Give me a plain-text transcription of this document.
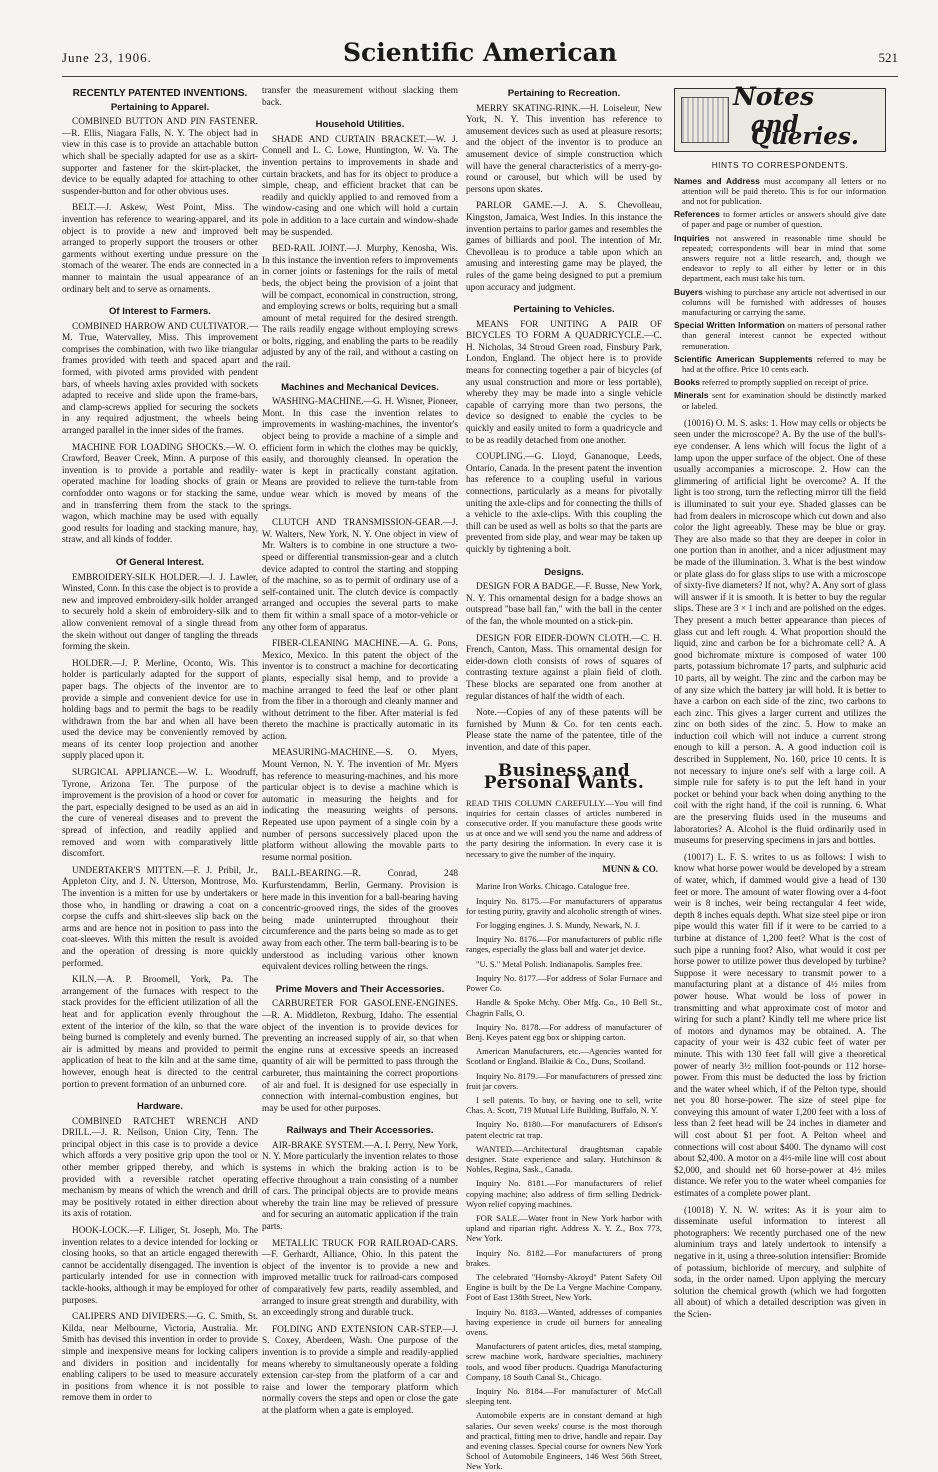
June 23, 1906.	Scientific American	521
RECENTLY PATENTED INVENTIONS.
Pertaining to Apparel.

COMBINED BUTTON AND PIN FASTENER.—R. Ellis, Niagara Falls, N. Y. The object had in view in this case is to provide an attachable button which shall be specially adapted for use as a skirt-supporter and fastener for the skirt-placket, the device to be equally adapted for attaching to other suspender-button and for other obvious uses.

BELT.—J. Askew, West Point, Miss. The invention has reference to wearing-apparel, and its object is to provide a new and improved belt arranged to properly support the trousers or other garments without exerting undue pressure on the stomach of the wearer. The ends are connected in a manner to maintain the usual appearance of an ordinary belt and to serve as ornaments.

Of Interest to Farmers.

COMBINED HARROW AND CULTIVATOR.—M. True, Watervalley, Miss. This improvement comprises the combination, with two like triangular frames provided with teeth and spaced apart and formed, with pivoted arms provided with pendent bars, of wheels having axles provided with sockets adapted to receive and slide upon the frame-bars, and clamp-screws applied for securing the sockets in any required adjustment, the wheels being arranged parallel in the inner sides of the frames.

MACHINE FOR LOADING SHOCKS.—W. O. Crawford, Beaver Creek, Minn. A purpose of this invention is to provide a portable and readily-operated machine for loading shocks of grain or cornfodder onto wagons or for stacking the same, and in transferring them from the stack to the wagon, which machine may be used with equally good results for loading and stacking manure, hay, straw, and all kinds of fodder.

Of General Interest.

EMBROIDERY-SILK HOLDER.—J. J. Lawler, Winsted, Conn. In this case the object is to provide a new and improved embroidery-silk holder arranged to securely hold a skein of embroidery-silk and to allow convenient removal of a single thread from the skein without out danger of tangling the threads forming the skein.

HOLDER.—J. P. Merline, Oconto, Wis. This holder is particularly adapted for the support of paper bags. The objects of the inventor are to provide a simple and convenient device for use in holding bags and to permit the bags to be readily withdrawn from the bar and when all have been used the device may be conveniently removed by means of its center loop projection and another supply placed upon it.

SURGICAL APPLIANCE.—W. L. Woodruff, Tyrone, Arizona Ter. The purpose of the improvement is the provision of a hood or cover for the part, especially designed to be used as an aid in the cure of venereal diseases and to prevent the spread of infection, and readily applied and removed and worn with comparatively little discomfort.

UNDERTAKER'S MITTEN.—F. J. Pribil, Jr., Appleton City, and J. N. Utterson, Montrose, Mo. The invention is a mitten for use by undertakers or those who, in handling or drawing a coat on a corpse the cuffs and shirt-sleeves slip back on the arms and are hence not in position to pass into the coat-sleeves. With this mitten the result is avoided and the operation of dressing is more quickly performed.

KILN.—A. P. Broomell, York, Pa. The arrangement of the furnaces with respect to the stack provides for the efficient utilization of all the heat and for application evenly throughout the extent of the interior of the kiln, so that the ware being burned is completely and evenly burned. The air is admitted by means and provided to permit application of heat to the kiln and at the same time, however, enough heat is directed to the central portion to prevent formation of an unburned core.

Hardware.

COMBINED RATCHET WRENCH AND DRILL.—J. R. Neilson, Union City, Tenn. The principal object in this case is to provide a device which affords a very positive grip upon the tool or other member gripped thereby, and which is provided with a reversible ratchet operating mechanism by means of which the wrench and drill may be positively rotated in either direction about its axis of rotation.

HOOK-LOCK.—F. Liliger, St. Joseph, Mo. The invention relates to a device intended for locking or closing hooks, so that an article engaged therewith cannot be accidentally disengaged. The invention is particularly intended for use in connection with tackle-hooks, although it may be employed for other purposes.

CALIPERS AND DIVIDERS.—G. C. Smith, St. Kilda, near Melbourne, Victoria, Australia. Mr. Smith has devised this invention in order to provide simple and inexpensive means for locking calipers and dividers in position and incidentally for enabling calipers to be used to measure accurately in positions from whence it is not possible to remove them in order to

transfer the measurement without slacking them back.

Household Utilities.

SHADE AND CURTAIN BRACKET.—W. J. Connell and L. C. Lowe, Huntington, W. Va. The invention pertains to improvements in shade and curtain brackets, and has for its object to produce a simple, cheap, and efficient bracket that can be readily and quickly applied to and removed from a window-casing and one which will hold a curtain pole in addition to a lace curtain and window-shade may be suspended.

BED-RAIL JOINT.—J. Murphy, Kenosha, Wis. In this instance the invention refers to improvements in corner joints or fastenings for the rails of metal beds, the object being the provision of a joint that will be compact, economical in construction, strong, and employing screws or bolts, requiring but a small amount of metal required for the desired strength. The rails readily engage without employing screws or bolts, rigging, and enabling the parts to be readily adjusted by any of the rail, and without a casting on the rail.

Machines and Mechanical Devices.

WASHING-MACHINE.—G. H. Wisner, Pioneer, Mont. In this case the invention relates to improvements in washing-machines, the inventor's object being to provide a machine of a simple and efficient form in which the clothes may be quickly, easily, and thoroughly cleansed. In operation the water is kept in practically constant agitation. Means are provided to relieve the turn-table from undue wear which is moved by means of the springs.

CLUTCH AND TRANSMISSION-GEAR.—J. W. Walters, New York, N. Y. One object in view of Mr. Walters is to combine in one structure a two-speed or differential transmission-gear and a clutch device adapted to control the starting and stopping of the machine, so as to permit of ordinary use of a self-contained unit. The clutch device is compactly arranged and occupies the several parts to make them fit within a small space of a motor-vehicle or any other form of apparatus.

FIBER-CLEANING MACHINE.—A. G. Pons, Mexico, Mexico. In this patent the object of the inventor is to construct a machine for decorticating plants, especially sisal hemp, and to provide a machine arranged to feed the leaf or other plant from the fiber in a thorough and cleanly manner and without detriment to the fiber. After material is fed thereto the machine is practically automatic in its action.

MEASURING-MACHINE.—S. O. Myers, Mount Vernon, N. Y. The invention of Mr. Myers has reference to measuring-machines, and his more particular object is to devise a machine which is automatic in measuring the heights and for indicating the measuring weights of persons. Repeated use upon payment of a single coin by a number of persons successively placed upon the platform without allowing the movable parts to resume normal position.

BALL-BEARING.—R. Conrad, 248 Kurfurstendamm, Berlin, Germany. Provision is here made in this invention for a ball-bearing having concentric-grooved rings, the sides of the grooves being made uninterrupted throughout their circumference and the parts being so made as to get away from each other. The term ball-bearing is to be understood as including various other known equivalent devices rolling between the rings.

Prime Movers and Their Accessories.

CARBURETER FOR GASOLENE-ENGINES.—R. A. Middleton, Rexburg, Idaho. The essential object of the invention is to provide devices for preventing an increased supply of air, so that when the engine runs at excessive speeds an increased quantity of air will be permitted to pass through the carbureter, thus maintaining the correct proportions of air and fuel. It is designed for use especially in connection with internal-combustion engines, but may be used for other purposes.

Railways and Their Accessories.

AIR-BRAKE SYSTEM.—A. I. Perry, New York, N. Y. More particularly the invention relates to those systems in which the braking action is to be effective throughout a train consisting of a number of cars. The principal objects are to provide means whereby the train line may be relieved of pressure and for securing an automatic application if the train parts.

METALLIC TRUCK FOR RAILROAD-CARS.—F. Gerhardt, Alliance, Ohio. In this patent the object of the inventor is to provide a new and improved metallic truck for railroad-cars composed of comparatively few parts, readily assembled, and arranged to insure great strength and durability, with an exceedingly strong and durable truck.

FOLDING AND EXTENSION CAR-STEP.—J. S. Coxey, Aberdeen, Wash. One purpose of the invention is to provide a simple and readily-applied means whereby to simultaneously operate a folding extension car-step from the platform of a car and raise and lower the temporary platform which normally covers the steps and open or close the gate at the platform when a gate is employed.

Pertaining to Recreation.

MERRY SKATING-RINK.—H. Loiseleur, New York, N. Y. This invention has reference to amusement devices such as used at pleasure resorts; and the object of the inventor is to produce an amusement device of simple construction which will have the general characteristics of a merry-go-round or carousel, but which will be used by persons upon skates.

PARLOR GAME.—J. A. S. Chevolleau, Kingston, Jamaica, West Indies. In this instance the invention pertains to parlor games and resembles the games of billiards and pool. The intention of Mr. Chevolleau is to produce a table upon which an amusing and interesting game may be played, the rules of the game being designed to put a premium upon accuracy and judgment.

Pertaining to Vehicles.

MEANS FOR UNITING A PAIR OF BICYCLES TO FORM A QUADRICYCLE.—C. H. Nicholas, 34 Stroud Green road, Finsbury Park, London, England. The object here is to provide means for connecting together a pair of bicycles (of any usual construction and more or less portable), whereby they may be made into a single vehicle capable of carrying more than two persons, the device so designed to enable the cycles to be quickly and easily united to form a quadricycle and to be as readily detached from one another.

COUPLING.—G. Lloyd, Gananoque, Leeds, Ontario, Canada. In the present patent the invention has reference to a coupling useful in various connections, particularly as a means for pivotally uniting the axle-clips and for connecting the thills of a vehicle to the axle-clips. With this coupling the thill can be used as well as bolts so that the parts are prevented from side play, and wear may be taken up quickly by tightening a bolt.

Designs.

DESIGN FOR A BADGE.—F. Busse, New York, N. Y. This ornamental design for a badge shows an outspread "base ball fan," with the ball in the center of the fan, the whole mounted on a stick-pin.

DESIGN FOR EIDER-DOWN CLOTH.—C. H. French, Canton, Mass. This ornamental design for eider-down cloth consists of rows of squares of contrasting texture against a plain field of cloth. These blocks are separated one from another at regular distances of half the width of each.

Note.—Copies of any of these patents will be furnished by Munn & Co. for ten cents each. Please state the name of the patentee, title of the invention, and date of this paper.

Business and Personal Wants.

READ THIS COLUMN CAREFULLY.—You will find inquiries for certain classes of articles numbered in consecutive order. If you manufacture these goods write us at once and we will send you the name and address of the party desiring the information. In every case it is necessary to give the number of the inquiry.

MUNN & CO.

Marine Iron Works. Chicago. Catalogue free.

Inquiry No. 8175.—For manufacturers of apparatus for testing purity, gravity and alcoholic strength of wines.

For logging engines. J. S. Mundy, Newark, N. J.

Inquiry No. 8176.—For manufacturers of public rifle ranges, especially the glass ball and water jet device.

"U. S." Metal Polish. Indianapolis. Samples free.

Inquiry No. 8177.—For address of Solar Furnace and Power Co.

Handle & Spoke Mchy. Ober Mfg. Co., 10 Bell St., Chagrin Falls, O.

Inquiry No. 8178.—For address of manufacturer of Benj. Keyes patent egg box or shipping carton.

American Manufacturers, etc.—Agencies wanted for Scotland or England. Blaikie & Co., Duns, Scotland.

Inquiry No. 8179.—For manufacturers of pressed zinc fruit jar covers.

I sell patents. To buy, or having one to sell, write Chas. A. Scott, 719 Mutual Life Building, Buffalo, N. Y.

Inquiry No. 8180.—For manufacturers of Edison's patent electric rat trap.

WANTED.—Architectural draughtsman capable designer. State experience and salary. Hutchinson & Nobles, Regina, Sask., Canada.

Inquiry No. 8181.—For manufacturers of relief copying machine; also address of firm selling Dedrick-Wyon relief copying machines.

FOR SALE.—Water front in New York harbor with upland and riparian right. Address X. Y. Z., Box 773, New York.

Inquiry No. 8182.—For manufacturers of prong brakes.

The celebrated "Hornsby-Akroyd" Patent Safety Oil Engine is built by the De La Vergne Machine Company, Foot of East 138th Street, New York.

Inquiry No. 8183.—Wanted, addresses of companies having experience in crude oil burners for annealing ovens.

Manufacturers of patent articles, dies, metal stamping, screw machine work, hardware specialties, machinery tools, and wood fiber products. Quadriga Manufacturing Company, 18 South Canal St., Chicago.

Inquiry No. 8184.—For manufacturer of McCall sleeping tent.

Automobile experts are in constant demand at high salaries. Our seven weeks' course is the most thorough and practical, fitting men to drive, handle and repair. Day and evening classes. Special course for owners New York School of Automobile Engineers, 146 West 56th Street, New York.

Notes
and Queries.
HINTS TO CORRESPONDENTS.

Names and Address must accompany all letters or no attention will be paid thereto. This is for our information and not for publication.

References to former articles or answers should give date of paper and page or number of question.

Inquiries not answered in reasonable time should be repeated; correspondents will bear in mind that some answers require not a little research, and, though we endeavor to reply to all either by letter or in this department, each must take his turn.

Buyers wishing to purchase any article not advertised in our columns will be furnished with addresses of houses manufacturing or carrying the same.

Special Written Information on matters of personal rather than general interest cannot be expected without remuneration.

Scientific American Supplements referred to may be had at the office. Price 10 cents each.

Books referred to promptly supplied on receipt of price.

Minerals sent for examination should be distinctly marked or labeled.

(10016) O. M. S. asks: 1. How may cells or objects be seen under the microscope? A. By the use of the bull's-eye condenser. A lens which will focus the light of a lamp upon the upper surface of the object. One of these usually accompanies a microscope. 2. How can the glimmering of artificial light be overcome? A. If the light is too strong, turn the reflecting mirror till the field is illuminated to suit your eye. Shaded glasses can be had from dealers in microscope which cut down and also color the light agreeably. These may be blue or gray. They are also made so that they are deeper in color in one portion than in another, and a nicer adjustment may be made of the illumination. 3. What is the best window or plate glass do for glass slips to use with a microscope of sixty-five diameters? If not, why? A. Any sort of glass will answer if it is smooth. It is better to buy the regular slips. These are 3 × 1 inch and are polished on the edges. They present a much better appearance than pieces of glass cut and left rough. 4. What proportion should the liquid, zinc and carbon be for a bichromate cell? A. A good bichromate mixture is composed of water 100 parts, potassium bichromate 17 parts, and sulphuric acid 10 parts, all by weight. The zinc and the carbon may be of any size which the battery jar will hold. It is better to have a carbon on each side of the zinc, two carbons to each zinc. This gives a larger current and utilizes the zinc on both sides of the zinc. 5. How to make an induction coil which will not induce a current strong enough to kill a person. A. A good induction coil is described in Supplement, No. 160, price 10 cents. It is not necessary to injure one's self with a large coil. A simple rule for safety is to put the left hand in your pocket or behind your back when doing anything to the coil with the right hand, if the coil is running. 6. What are the preserving fluids used in the museums and laboratories? A. Alcohol is the fluid ordinarily used in museums for preserving specimens in jars and bottles.

(10017) L. F. S. writes to us as follows: I wish to know what horse power would be developed by a stream of water, which, if dammed would give a head of 130 feet or more. The amount of water flowing over a 4-foot weir is 8 inches, weir being rectangular 4 feet wide, depth 8 inches equals depth. What size steel pipe or iron pipe would this water fill if it were to be carried to a turbine at distance of 1,200 feet? What is the cost of such pipe a running foot? Also, what would it cost per horse power to utilize power thus developed by turbine? Suppose it were necessary to transmit power to a manufacturing plant at a distance of 4½ miles from power house. What would be loss of power in transmitting and what approximate cost of motor and wiring for such a plant? Kindly tell me where price list of motors and dynamos may be obtained. A. The capacity of your weir is 432 cubic feet of water per minute. This with 130 feet fall will give a theoretical power of nearly 3½ million foot-pounds or 112 horse-power. From this must be deducted the loss by friction and the water wheel which, if of the Pelton type, should net you 80 horse-power. The size of steel pipe for conveying this amount of water 1,200 feet with a loss of less than 2 feet head will be 24 inches in diameter and will cost about $1 per foot. A Pelton wheel and connections will cost about $400. The dynamo will cost about $2,400. A motor on a 4½-mile line will cost about $2,000, and should net 60 horse-power at 4½ miles distance. We refer you to the water wheel companies for estimates of a complete power plant.

(10018) Y. N. W. writes: As it is your aim to disseminate useful information to interest all photographers: We recently purchased one of the new aluminium trays and lately undertook to intensify a negative in it, using a three-solution intensifier: Bromide of potassium, bichloride of mercury, and sulphite of soda, in the order named. Upon applying the mercury solution the chemical growth (which we had forgotten all about) of which a detailed description was given in the Scien-
